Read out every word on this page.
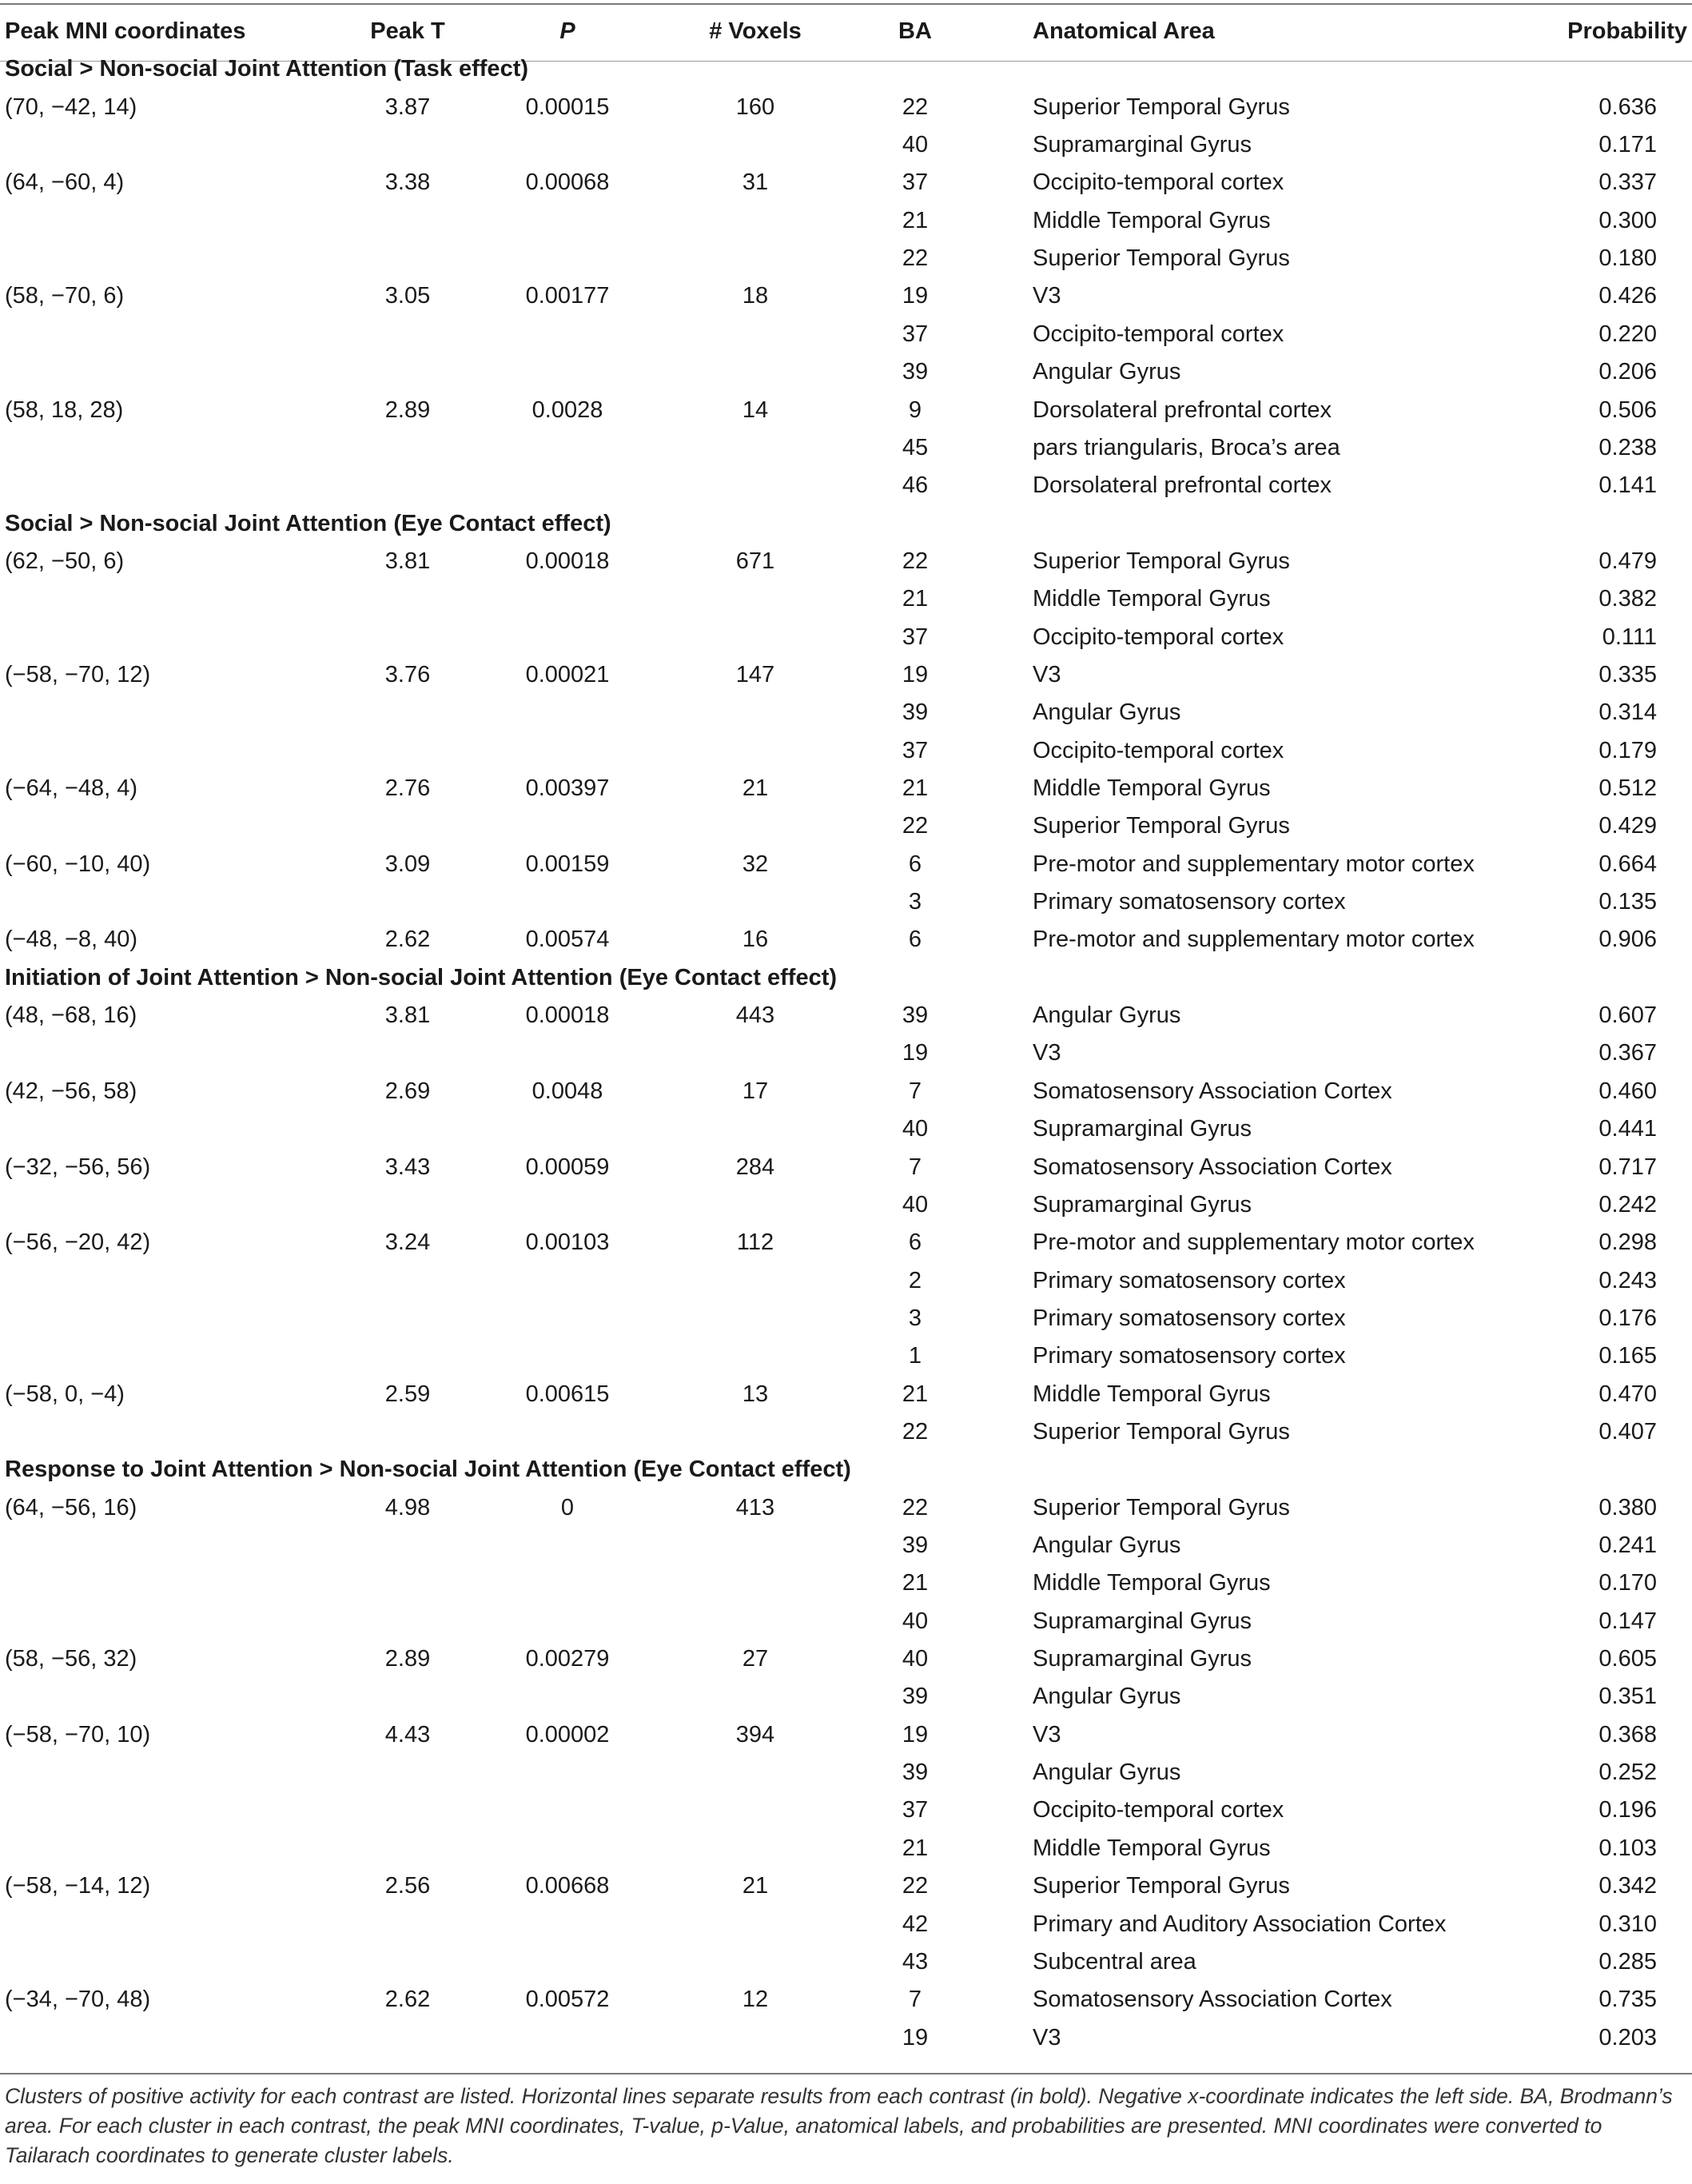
Peak MNI coordinates	Peak T	P	# Voxels	BA	Anatomical Area	Probability
Social > Non-social Joint Attention (Task effect)
(70, −42, 14)	3.87	0.00015	160	22	Superior Temporal Gyrus	0.636
40	Supramarginal Gyrus	0.171
(64, −60, 4)	3.38	0.00068	31	37	Occipito-temporal cortex	0.337
21	Middle Temporal Gyrus	0.300
22	Superior Temporal Gyrus	0.180
(58, −70, 6)	3.05	0.00177	18	19	V3	0.426
37	Occipito-temporal cortex	0.220
39	Angular Gyrus	0.206
(58, 18, 28)	2.89	0.0028	14	9	Dorsolateral prefrontal cortex	0.506
45	pars triangularis, Broca’s area	0.238
46	Dorsolateral prefrontal cortex	0.141
Social > Non-social Joint Attention (Eye Contact effect)
(62, −50, 6)	3.81	0.00018	671	22	Superior Temporal Gyrus	0.479
21	Middle Temporal Gyrus	0.382
37	Occipito-temporal cortex	0.111
(−58, −70, 12)	3.76	0.00021	147	19	V3	0.335
39	Angular Gyrus	0.314
37	Occipito-temporal cortex	0.179
(−64, −48, 4)	2.76	0.00397	21	21	Middle Temporal Gyrus	0.512
22	Superior Temporal Gyrus	0.429
(−60, −10, 40)	3.09	0.00159	32	6	Pre-motor and supplementary motor cortex	0.664
3	Primary somatosensory cortex	0.135
(−48, −8, 40)	2.62	0.00574	16	6	Pre-motor and supplementary motor cortex	0.906
Initiation of Joint Attention > Non-social Joint Attention (Eye Contact effect)
(48, −68, 16)	3.81	0.00018	443	39	Angular Gyrus	0.607
19	V3	0.367
(42, −56, 58)	2.69	0.0048	17	7	Somatosensory Association Cortex	0.460
40	Supramarginal Gyrus	0.441
(−32, −56, 56)	3.43	0.00059	284	7	Somatosensory Association Cortex	0.717
40	Supramarginal Gyrus	0.242
(−56, −20, 42)	3.24	0.00103	112	6	Pre-motor and supplementary motor cortex	0.298
2	Primary somatosensory cortex	0.243
3	Primary somatosensory cortex	0.176
1	Primary somatosensory cortex	0.165
(−58, 0, −4)	2.59	0.00615	13	21	Middle Temporal Gyrus	0.470
22	Superior Temporal Gyrus	0.407
Response to Joint Attention > Non-social Joint Attention (Eye Contact effect)
(64, −56, 16)	4.98	0	413	22	Superior Temporal Gyrus	0.380
39	Angular Gyrus	0.241
21	Middle Temporal Gyrus	0.170
40	Supramarginal Gyrus	0.147
(58, −56, 32)	2.89	0.00279	27	40	Supramarginal Gyrus	0.605
39	Angular Gyrus	0.351
(−58, −70, 10)	4.43	0.00002	394	19	V3	0.368
39	Angular Gyrus	0.252
37	Occipito-temporal cortex	0.196
21	Middle Temporal Gyrus	0.103
(−58, −14, 12)	2.56	0.00668	21	22	Superior Temporal Gyrus	0.342
42	Primary and Auditory Association Cortex	0.310
43	Subcentral area	0.285
(−34, −70, 48)	2.62	0.00572	12	7	Somatosensory Association Cortex	0.735
19	V3	0.203
Clusters of positive activity for each contrast are listed. Horizontal lines separate results from each contrast (in bold). Negative x-coordinate indicates the left side. BA, Brodmann’s area. For each cluster in each contrast, the peak MNI coordinates, T-value, p-Value, anatomical labels, and probabilities are presented. MNI coordinates were converted to Tailarach coordinates to generate cluster labels.
